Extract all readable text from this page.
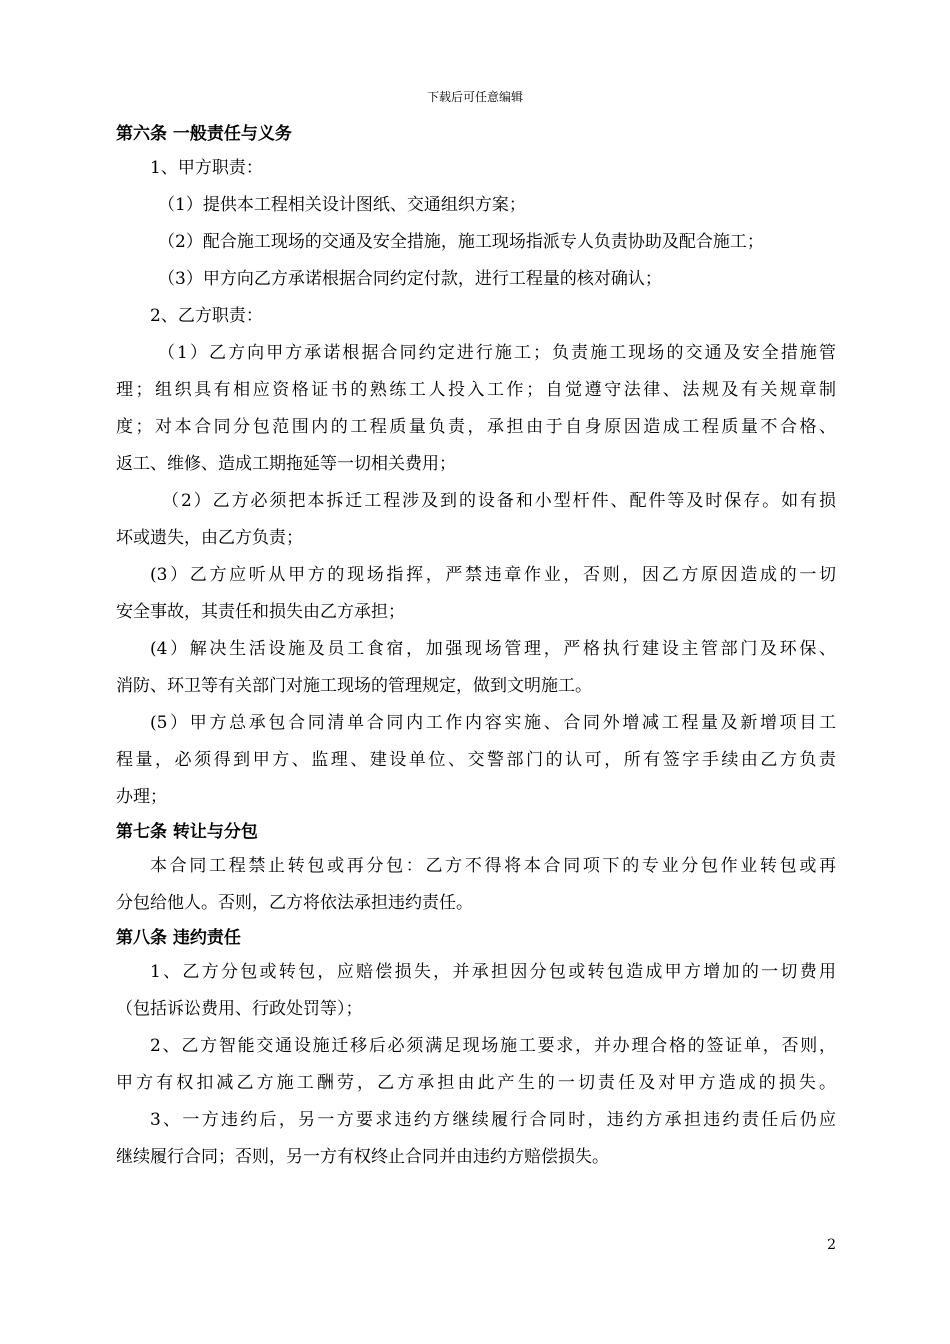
下载后可任意编辑
第六条 一般责任与义务
1、甲方职责：
（1）提供本工程相关设计图纸、交通组织方案；
（2）配合施工现场的交通及安全措施，施工现场指派专人负责协助及配合施工；
（3）甲方向乙方承诺根据合同约定付款，进行工程量的核对确认；
2、乙方职责：
（1）乙方向甲方承诺根据合同约定进行施工；负责施工现场的交通及安全措施管
理；组织具有相应资格证书的熟练工人投入工作；自觉遵守法律、法规及有关规章制
度；对本合同分包范围内的工程质量负责，承担由于自身原因造成工程质量不合格、
返工、维修、造成工期拖延等一切相关费用；
（2）乙方必须把本拆迁工程涉及到的设备和小型杆件、配件等及时保存。如有损
坏或遗失，由乙方负责；
(3）乙方应听从甲方的现场指挥，严禁违章作业，否则，因乙方原因造成的一切
安全事故，其责任和损失由乙方承担；
(4）解决生活设施及员工食宿，加强现场管理，严格执行建设主管部门及环保、
消防、环卫等有关部门对施工现场的管理规定，做到文明施工。
(5）甲方总承包合同清单合同内工作内容实施、合同外增减工程量及新增项目工
程量，必须得到甲方、监理、建设单位、交警部门的认可，所有签字手续由乙方负责
办理；
第七条 转让与分包
本合同工程禁止转包或再分包：乙方不得将本合同项下的专业分包作业转包或再
分包给他人。否则，乙方将依法承担违约责任。
第八条 违约责任
1、乙方分包或转包，应赔偿损失，并承担因分包或转包造成甲方增加的一切费用
（包括诉讼费用、行政处罚等）；
2、乙方智能交通设施迁移后必须满足现场施工要求，并办理合格的签证单，否则，
甲方有权扣减乙方施工酬劳，乙方承担由此产生的一切责任及对甲方造成的损失。
3、一方违约后，另一方要求违约方继续履行合同时，违约方承担违约责任后仍应
继续履行合同；否则，另一方有权终止合同并由违约方赔偿损失。
2
